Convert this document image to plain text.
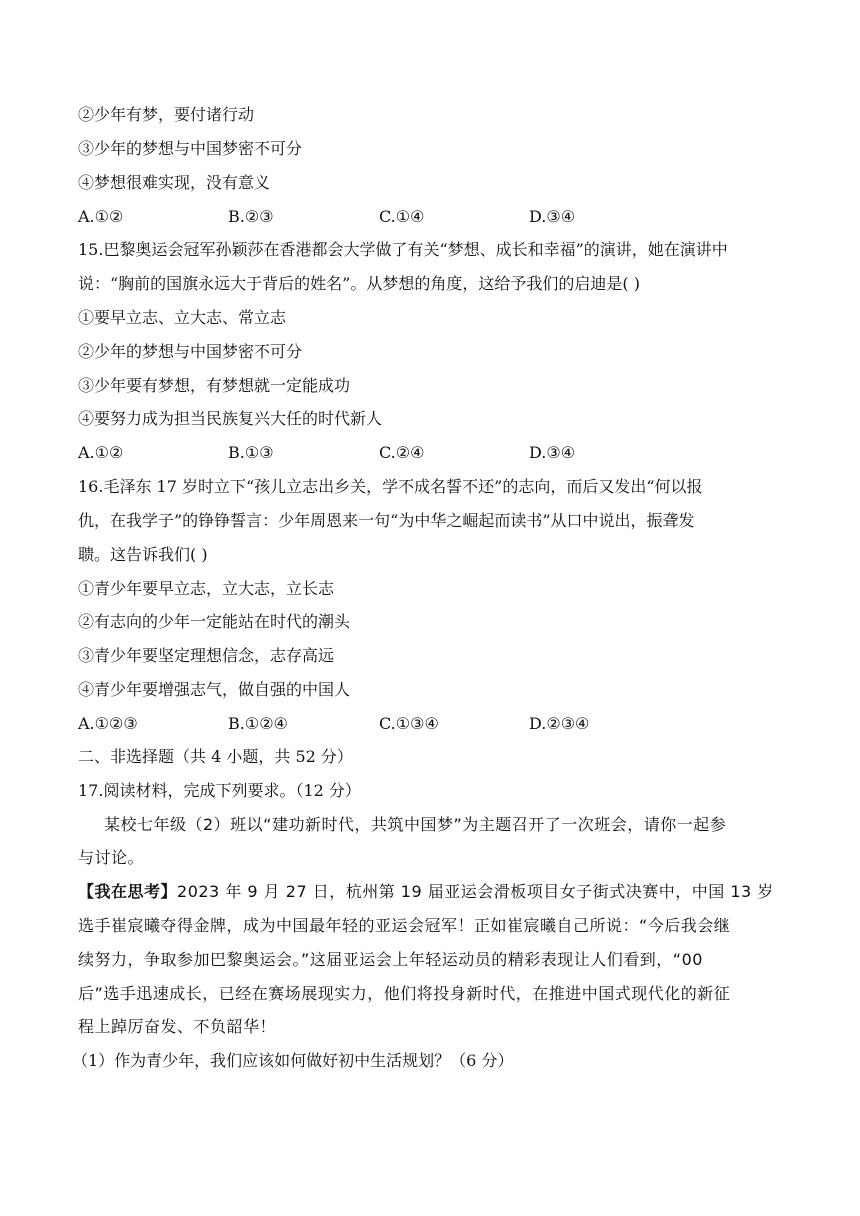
②少年有梦，要付诸行动
③少年的梦想与中国梦密不可分
④梦想很难实现，没有意义
A.①②	B.②③	C.①④	D.③④
15.巴黎奥运会冠军孙颖莎在香港都会大学做了有关“梦想、成长和幸福”的演讲，她在演讲中
说：“胸前的国旗永远大于背后的姓名”。从梦想的角度，这给予我们的启迪是( )
①要早立志、立大志、常立志
②少年的梦想与中国梦密不可分
③少年要有梦想，有梦想就一定能成功
④要努力成为担当民族复兴大任的时代新人
A.①②	B.①③	C.②④	D.③④
16.毛泽东 17 岁时立下“孩儿立志出乡关，学不成名誓不还”的志向，而后又发出“何以报
仇，在我学子”的铮铮誓言：少年周恩来一句“为中华之崛起而读书”从口中说出，振聋发
聩。这告诉我们( )
①青少年要早立志，立大志，立长志
②有志向的少年一定能站在时代的潮头
③青少年要坚定理想信念，志存高远
④青少年要增强志气，做自强的中国人
A.①②③	B.①②④	C.①③④	D.②③④
二、非选择题（共 4 小题，共 52 分）
17.阅读材料，完成下列要求。（12 分）
某校七年级（2）班以“建功新时代，共筑中国梦”为主题召开了一次班会，请你一起参
与讨论。
【我在思考】2023 年 9 月 27 日，杭州第 19 届亚运会滑板项目女子街式决赛中，中国 13 岁
选手崔宸曦夺得金牌，成为中国最年轻的亚运会冠军！正如崔宸曦自己所说：“今后我会继
续努力，争取参加巴黎奥运会。”这届亚运会上年轻运动员的精彩表现让人们看到，“00
后”选手迅速成长，已经在赛场展现实力，他们将投身新时代，在推进中国式现代化的新征
程上踔厉奋发、不负韶华！
（1）作为青少年，我们应该如何做好初中生活规划？（6 分）
